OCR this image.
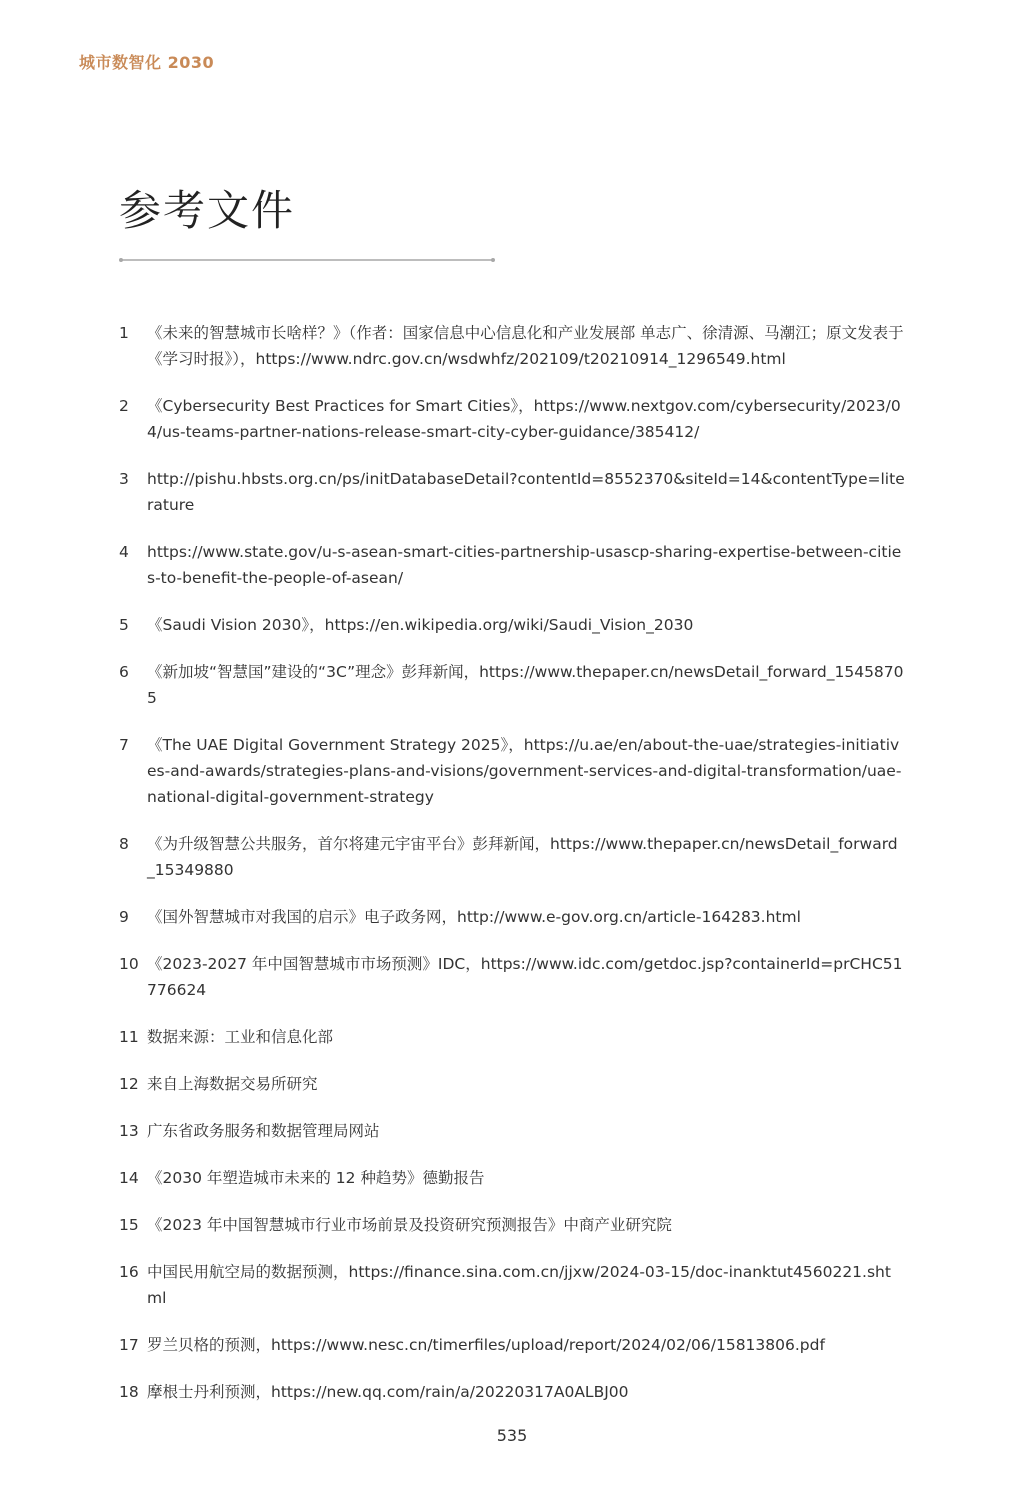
城市数智化 2030
参考文件
1	《未来的智慧城市长啥样？》（作者：国家信息中心信息化和产业发展部 单志广、徐清源、马潮江；原文发表于《学习时报》），https://www.ndrc.gov.cn/wsdwhfz/202109/t20210914_1296549.html
2	《Cybersecurity Best Practices for Smart Cities》，https://www.nextgov.com/cybersecurity/2023/04/us-teams-partner-nations-release-smart-city-cyber-guidance/385412/
3	http://pishu.hbsts.org.cn/ps/initDatabaseDetail?contentId=8552370&siteId=14&contentType=literature
4	https://www.state.gov/u-s-asean-smart-cities-partnership-usascp-sharing-expertise-between-cities-to-benefit-the-people-of-asean/
5	《Saudi Vision 2030》，https://en.wikipedia.org/wiki/Saudi_Vision_2030
6	《新加坡“智慧国”建设的“3C”理念》彭拜新闻，https://www.thepaper.cn/newsDetail_forward_15458705
7	《The UAE Digital Government Strategy 2025》，https://u.ae/en/about-the-uae/strategies-initiatives-and-awards/strategies-plans-and-visions/government-services-and-digital-transformation/uae-national-digital-government-strategy
8	《为升级智慧公共服务，首尔将建元宇宙平台》彭拜新闻，https://www.thepaper.cn/newsDetail_forward_15349880
9	《国外智慧城市对我国的启示》电子政务网，http://www.e-gov.org.cn/article-164283.html
10 《2023-2027 年中国智慧城市市场预测》IDC，https://www.idc.com/getdoc.jsp?containerId=prCHC51776624
11 数据来源：工业和信息化部
12 来自上海数据交易所研究
13 广东省政务服务和数据管理局网站
14 《2030 年塑造城市未来的 12 种趋势》德勤报告
15 《2023 年中国智慧城市行业市场前景及投资研究预测报告》中商产业研究院
16 中国民用航空局的数据预测，https://finance.sina.com.cn/jjxw/2024-03-15/doc-inanktut4560221.shtml
17 罗兰贝格的预测，https://www.nesc.cn/timerfiles/upload/report/2024/02/06/15813806.pdf
18 摩根士丹利预测，https://new.qq.com/rain/a/20220317A0ALBJ00
535
